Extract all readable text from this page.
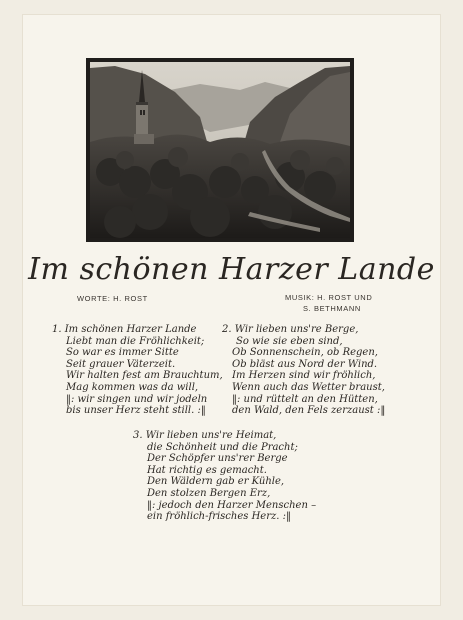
Im schönen Harzer Lande
WORTE: H. ROST	MUSIK: H. ROST UND
S. BETHMANN
1. Im schönen Harzer Lande
Liebt man die Fröhlichkeit;
So war es immer Sitte
Seit grauer Väterzeit.
Wir halten fest am Brauchtum,
Mag kommen was da will,
‖: wir singen und wir jodeln
bis unser Herz steht still. :‖
2. Wir lieben uns're Berge,
So wie sie eben sind,
Ob Sonnenschein, ob Regen,
Ob bläst aus Nord der Wind.
Im Herzen sind wir fröhlich,
Wenn auch das Wetter braust,
‖: und rüttelt an den Hütten,
den Wald, den Fels zerzaust :‖
3. Wir lieben uns're Heimat,
die Schönheit und die Pracht;
Der Schöpfer uns'rer Berge
Hat richtig es gemacht.
Den Wäldern gab er Kühle,
Den stolzen Bergen Erz,
‖: jedoch den Harzer Menschen –
ein fröhlich-frisches Herz. :‖
